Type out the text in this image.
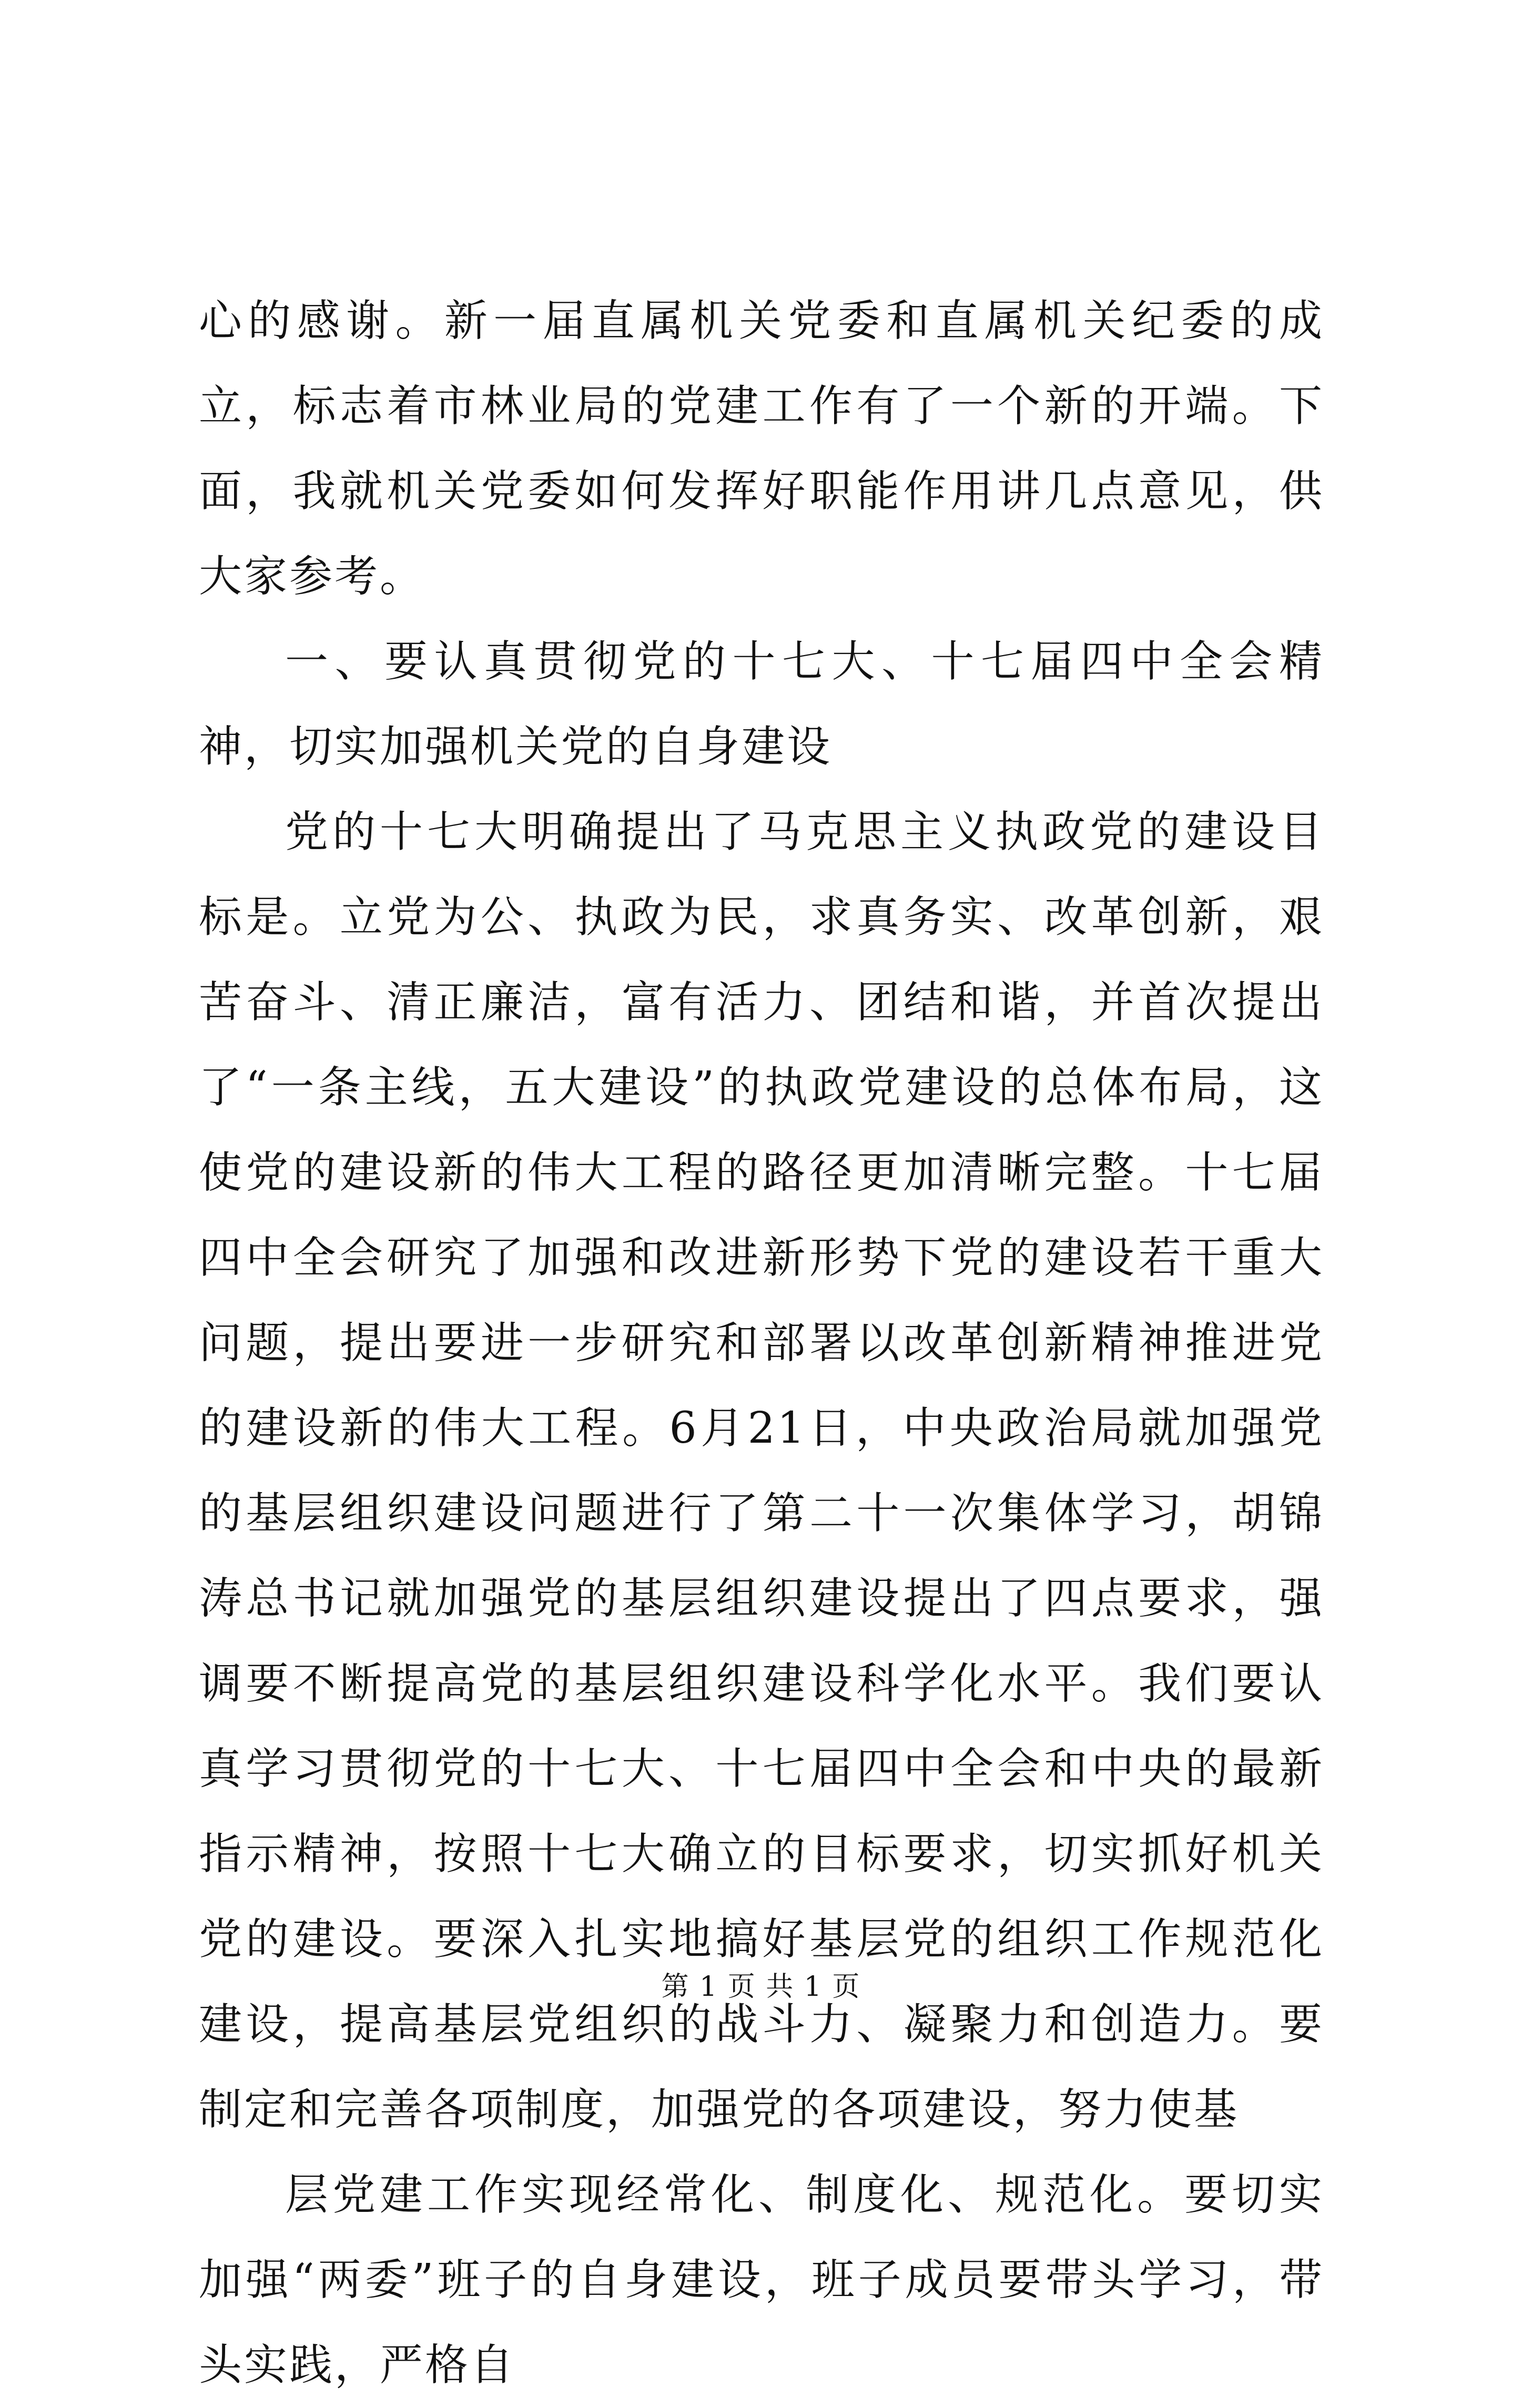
心的感谢。新一届直属机关党委和直属机关纪委的成立，标志着市林业局的党建工作有了一个新的开端。下面，我就机关党委如何发挥好职能作用讲几点意见，供大家参考。

一、要认真贯彻党的十七大、十七届四中全会精神，切实加强机关党的自身建设

党的十七大明确提出了马克思主义执政党的建设目标是。立党为公、执政为民，求真务实、改革创新，艰苦奋斗、清正廉洁，富有活力、团结和谐，并首次提出了“一条主线，五大建设”的执政党建设的总体布局，这使党的建设新的伟大工程的路径更加清晰完整。十七届四中全会研究了加强和改进新形势下党的建设若干重大问题，提出要进一步研究和部署以改革创新精神推进党的建设新的伟大工程。6月21日，中央政治局就加强党的基层组织建设问题进行了第二十一次集体学习，胡锦涛总书记就加强党的基层组织建设提出了四点要求，强调要不断提高党的基层组织建设科学化水平。我们要认真学习贯彻党的十七大、十七届四中全会和中央的最新指示精神，按照十七大确立的目标要求，切实抓好机关党的建设。要深入扎实地搞好基层党的组织工作规范化建设，提高基层党组织的战斗力、凝聚力和创造力。要制定和完善各项制度，加强党的各项建设，努力使基

层党建工作实现经常化、制度化、规范化。要切实加强“两委”班子的自身建设，班子成员要带头学习，带头实践，严格自

第 1 页 共 1 页
